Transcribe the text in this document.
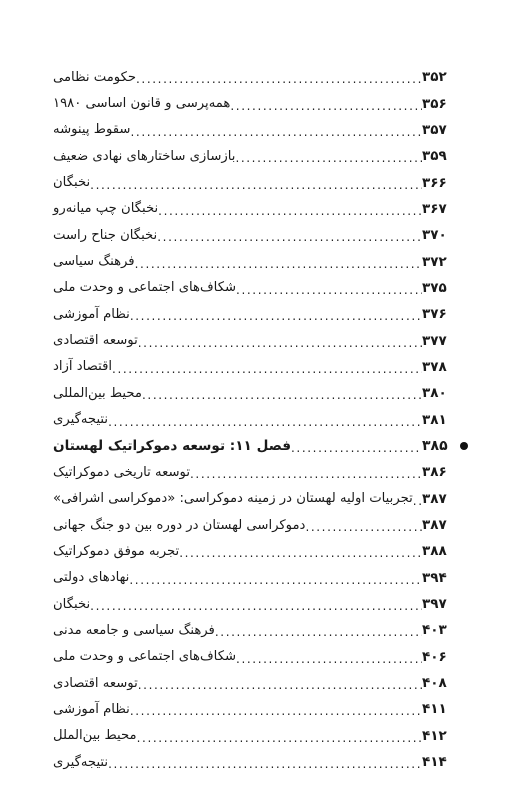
حکومت نظامی .....	۳۵۲
همه‌پرسی و قانون اساسی ۱۹۸۰ .....	۳۵۶
سقوط پینوشه .....	۳۵۷
بازسازی ساختارهای نهادی ضعیف .....	۳۵۹
نخبگان .....	۳۶۶
نخبگان چپ میانه‌رو .....	۳۶۷
نخبگان جناح راست .....	۳۷۰
فرهنگ سیاسی .....	۳۷۲
شکاف‌های اجتماعی و وحدت ملی .....	۳۷۵
نظام آموزشی .....	۳۷۶
توسعه اقتصادی .....	۳۷۷
اقتصاد آزاد .....	۳۷۸
محیط بین‌المللی .....	۳۸۰
نتیجه‌گیری .....	۳۸۱
فصل ۱۱: توسعه دموکراتیک لهستان .....	۳۸۵
توسعه تاریخی دموکراتیک .....	۳۸۶
تجربیات اولیه لهستان در زمینه دموکراسی: «دموکراسی اشرافی» ..... ۳۸۷
دموکراسی لهستان در دوره بین دو جنگ جهانی .....	۳۸۷
تجربه موفق دموکراتیک .....	۳۸۸
نهادهای دولتی .....	۳۹۴
نخبگان .....	۳۹۷
فرهنگ سیاسی و جامعه مدنی .....	۴۰۳
شکاف‌های اجتماعی و وحدت ملی .....	۴۰۶
توسعه اقتصادی .....	۴۰۸
نظام آموزشی .....	۴۱۱
محیط بین‌الملل .....	۴۱۲
نتیجه‌گیری .....	۴۱۴
